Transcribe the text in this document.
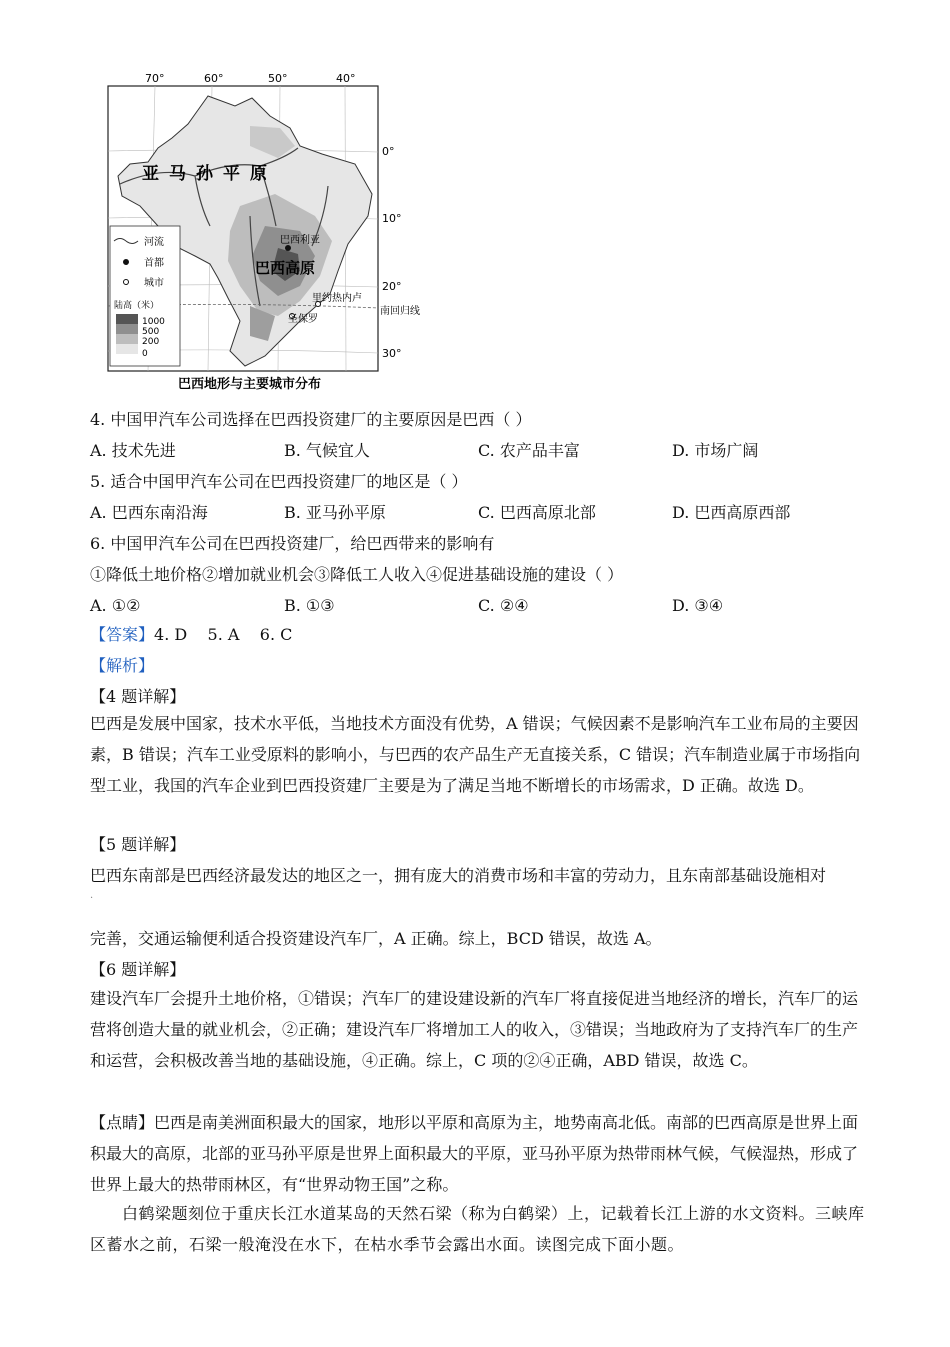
70°	60°	50°	40°
0°
10°
20°
30°
亚马孙平原
巴西高原
巴西利亚
里约热内卢
圣保罗
南回归线
河流
首都
城市
陆高（米）
1000
500
200
0
巴西地形与主要城市分布
4. 中国甲汽车公司选择在巴西投资建厂的主要原因是巴西（ ）
A. 技术先进	B. 气候宜人	C. 农产品丰富	D. 市场广阔
5. 适合中国甲汽车公司在巴西投资建厂的地区是（ ）
A. 巴西东南沿海	B. 亚马孙平原	C. 巴西高原北部	D. 巴西高原西部
6. 中国甲汽车公司在巴西投资建厂，给巴西带来的影响有
①降低土地价格②增加就业机会③降低工人收入④促进基础设施的建设（ ）
A. ①②	B. ①③	C. ②④	D. ③④
【答案】4. D    5. A    6. C
【解析】
【4 题详解】
巴西是发展中国家，技术水平低，当地技术方面没有优势，A 错误；气候因素不是影响汽车工业布局的主要因素，B 错误；汽车工业受原料的影响小，与巴西的农产品生产无直接关系，C 错误；汽车制造业属于市场指向型工业，我国的汽车企业到巴西投资建厂主要是为了满足当地不断增长的市场需求，D 正确。故选 D。
【5 题详解】
巴西东南部是巴西经济最发达的地区之一，拥有庞大的消费市场和丰富的劳动力，且东南部基础设施相对
·
完善，交通运输便利适合投资建设汽车厂，A 正确。综上，BCD 错误，故选 A。
【6 题详解】
建设汽车厂会提升土地价格，①错误；汽车厂的建设建设新的汽车厂将直接促进当地经济的增长，汽车厂的运营将创造大量的就业机会，②正确；建设汽车厂将增加工人的收入，③错误；当地政府为了支持汽车厂的生产和运营，会积极改善当地的基础设施，④正确。综上，C 项的②④正确，ABD 错误，故选 C。
【点睛】巴西是南美洲面积最大的国家，地形以平原和高原为主，地势南高北低。南部的巴西高原是世界上面积最大的高原，北部的亚马孙平原是世界上面积最大的平原，亚马孙平原为热带雨林气候，气候湿热，形成了世界上最大的热带雨林区，有“世界动物王国”之称。
白鹤梁题刻位于重庆长江水道某岛的天然石梁（称为白鹤梁）上，记载着长江上游的水文资料。三峡库区蓄水之前，石梁一般淹没在水下，在枯水季节会露出水面。读图完成下面小题。
